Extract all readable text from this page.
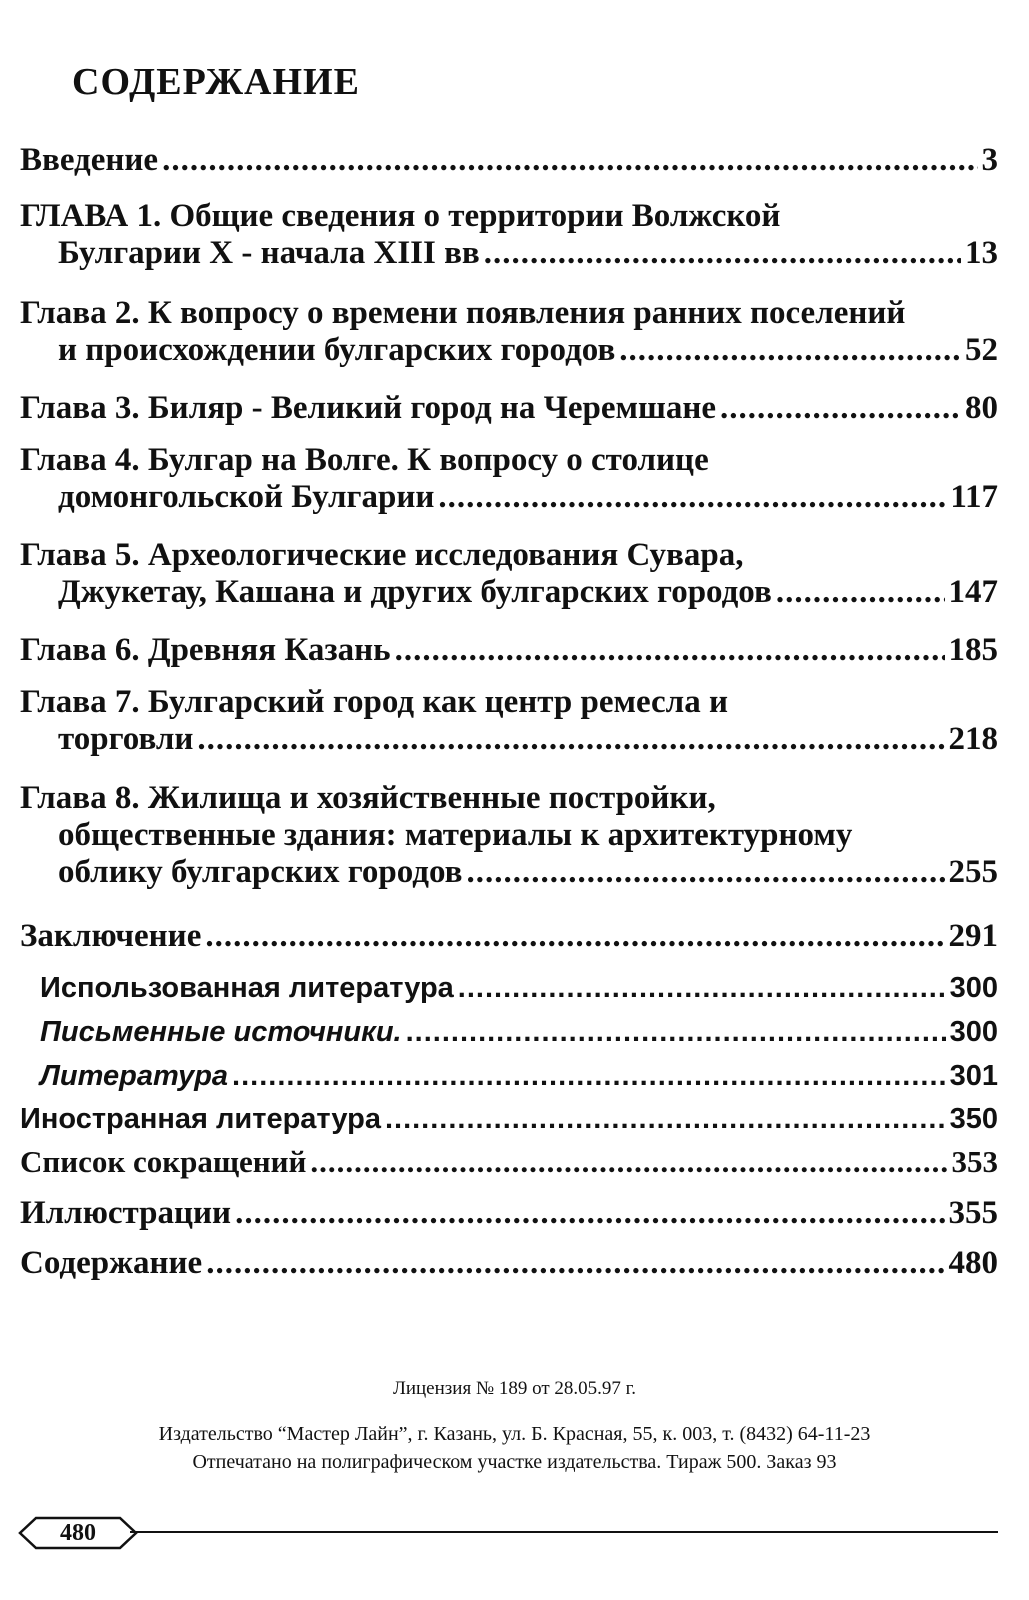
СОДЕРЖАНИЕ
Введение .....	3
ГЛАВА 1. Общие сведения о территории Волжской
Булгарии X - начала XIII вв .....	13
Глава 2. К вопросу о времени появления ранних поселений
и происхождении булгарских городов .....	52
Глава 3. Биляр - Великий город на Черемшане .....	80
Глава 4. Булгар на Волге. К вопросу о столице
домонгольской Булгарии .....	117
Глава 5. Археологические исследования Сувара,
Джукетау, Кашана и других булгарских городов .....	147
Глава 6. Древняя Казань .....	185
Глава 7. Булгарский город как центр ремесла и
торговли .....	218
Глава 8. Жилища и хозяйственные постройки,
общественные здания: материалы к архитектурному
облику булгарских городов .....	255
Заключение .....	291
Использованная литература .....	300
Письменные источники. .....	300
Литература .....	301
Иностранная литература .....	350
Список сокращений .....	353
Иллюстрации .....	355
Содержание .....	480
Лицензия № 189 от 28.05.97 г.
Издательство “Мастер Лайн”, г. Казань, ул. Б. Красная, 55, к. 003, т. (8432) 64-11-23
Отпечатано на полиграфическом участке издательства. Тираж 500. Заказ 93
480
